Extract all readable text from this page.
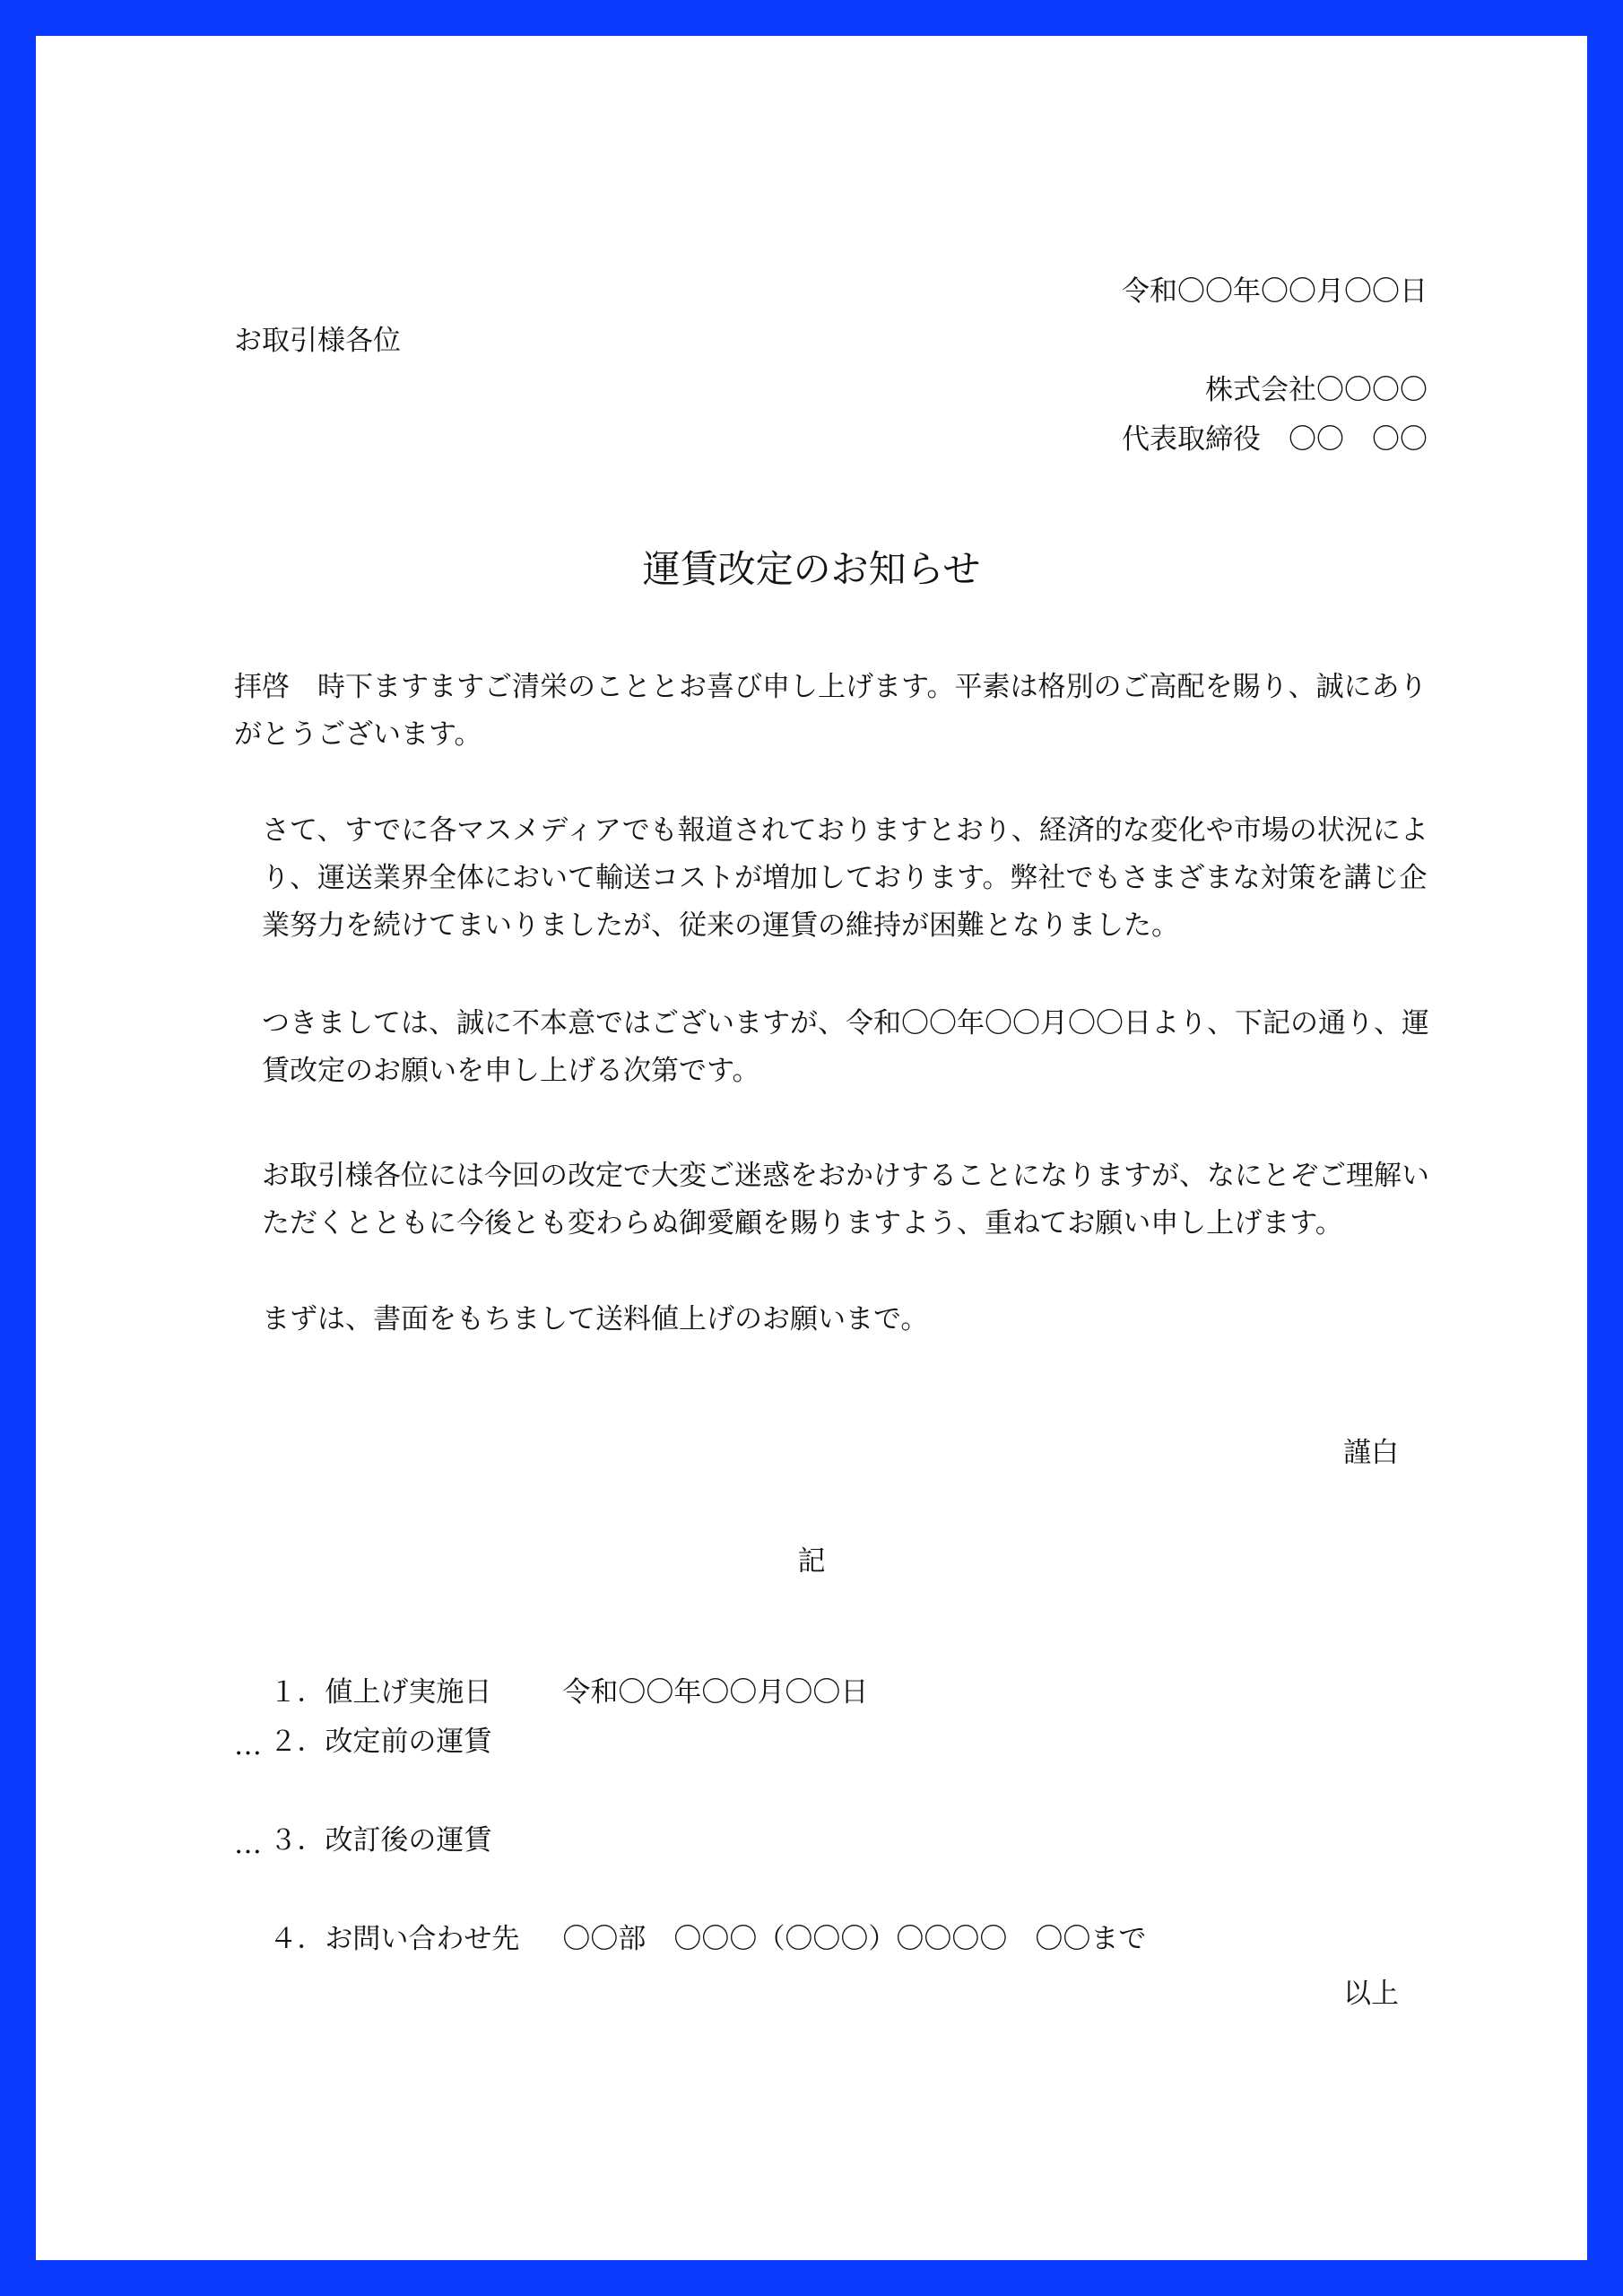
令和〇〇年〇〇月〇〇日
お取引様各位
株式会社〇〇〇〇
代表取締役　〇〇　〇〇
運賃改定のお知らせ

拝啓　時下ますますご清栄のこととお喜び申し上げます。平素は格別のご高配を賜り、誠にありがとうございます。

さて、すでに各マスメディアでも報道されておりますとおり、経済的な変化や市場の状況により、運送業界全体において輸送コストが増加しております。弊社でもさまざまな対策を講じ企業努力を続けてまいりましたが、従来の運賃の維持が困難となりました。

つきましては、誠に不本意ではございますが、令和〇〇年〇〇月〇〇日より、下記の通り、運賃改定のお願いを申し上げる次第です。

お取引様各位には今回の改定で大変ご迷惑をおかけすることになりますが、なにとぞご理解いただくとともに今後とも変わらぬ御愛顧を賜りますよう、重ねてお願い申し上げます。

まずは、書面をもちまして送料値上げのお願いまで。

謹白
記

１．値上げ実施日	令和〇〇年〇〇月〇〇日

２．改定前の運賃

…

３．改訂後の運賃

…

４．お問い合わせ先 〇〇部　〇〇〇（〇〇〇）〇〇〇〇　〇〇まで

以上
